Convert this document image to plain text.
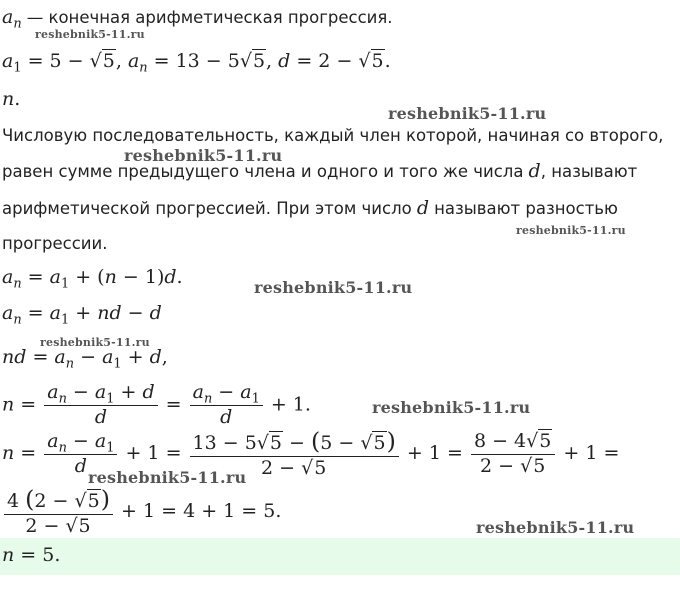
$a_n$ — конечная арифметическая прогрессия.
reshebnik5-11.ru
$a_1 = 5 - √5$, $a_n = 13 - 5√5$, d = 2 − √5.
n.
reshebnik5-11.ru
Числовую последовательность, каждый член которой, начиная со второго,
reshebnik5-11.ru
равен сумме предыдущего члена и одного и того же числа d, называют
арифметической прогрессией. При этом число d называют разностью
reshebnik5-11.ru
прогрессии.
$a_n = a_1 + (n - 1)d$.	reshebnik5-11.ru
$a_n = a_1$ + nd − d
reshebnik5-11.ru
nd = $a_n - a_1 + d$,
$n = \frac{a_n - a_1 + d}{d} = \frac{a_n - a_1}{d} + 1$.	reshebnik5-11.ru
$n = \frac{a_n - a_1}{d} + 1 = \frac{13 - 5√5 - (5 - √5)}{2 - √5} + 1 = \frac{8 - 4√5}{2 - √5} + 1$ =
reshebnik5-11.ru
$\frac{4 (2 - √5)}{2 - √5} + 1 = 4 + 1 = 5$.
reshebnik5-11.ru
n = 5.
